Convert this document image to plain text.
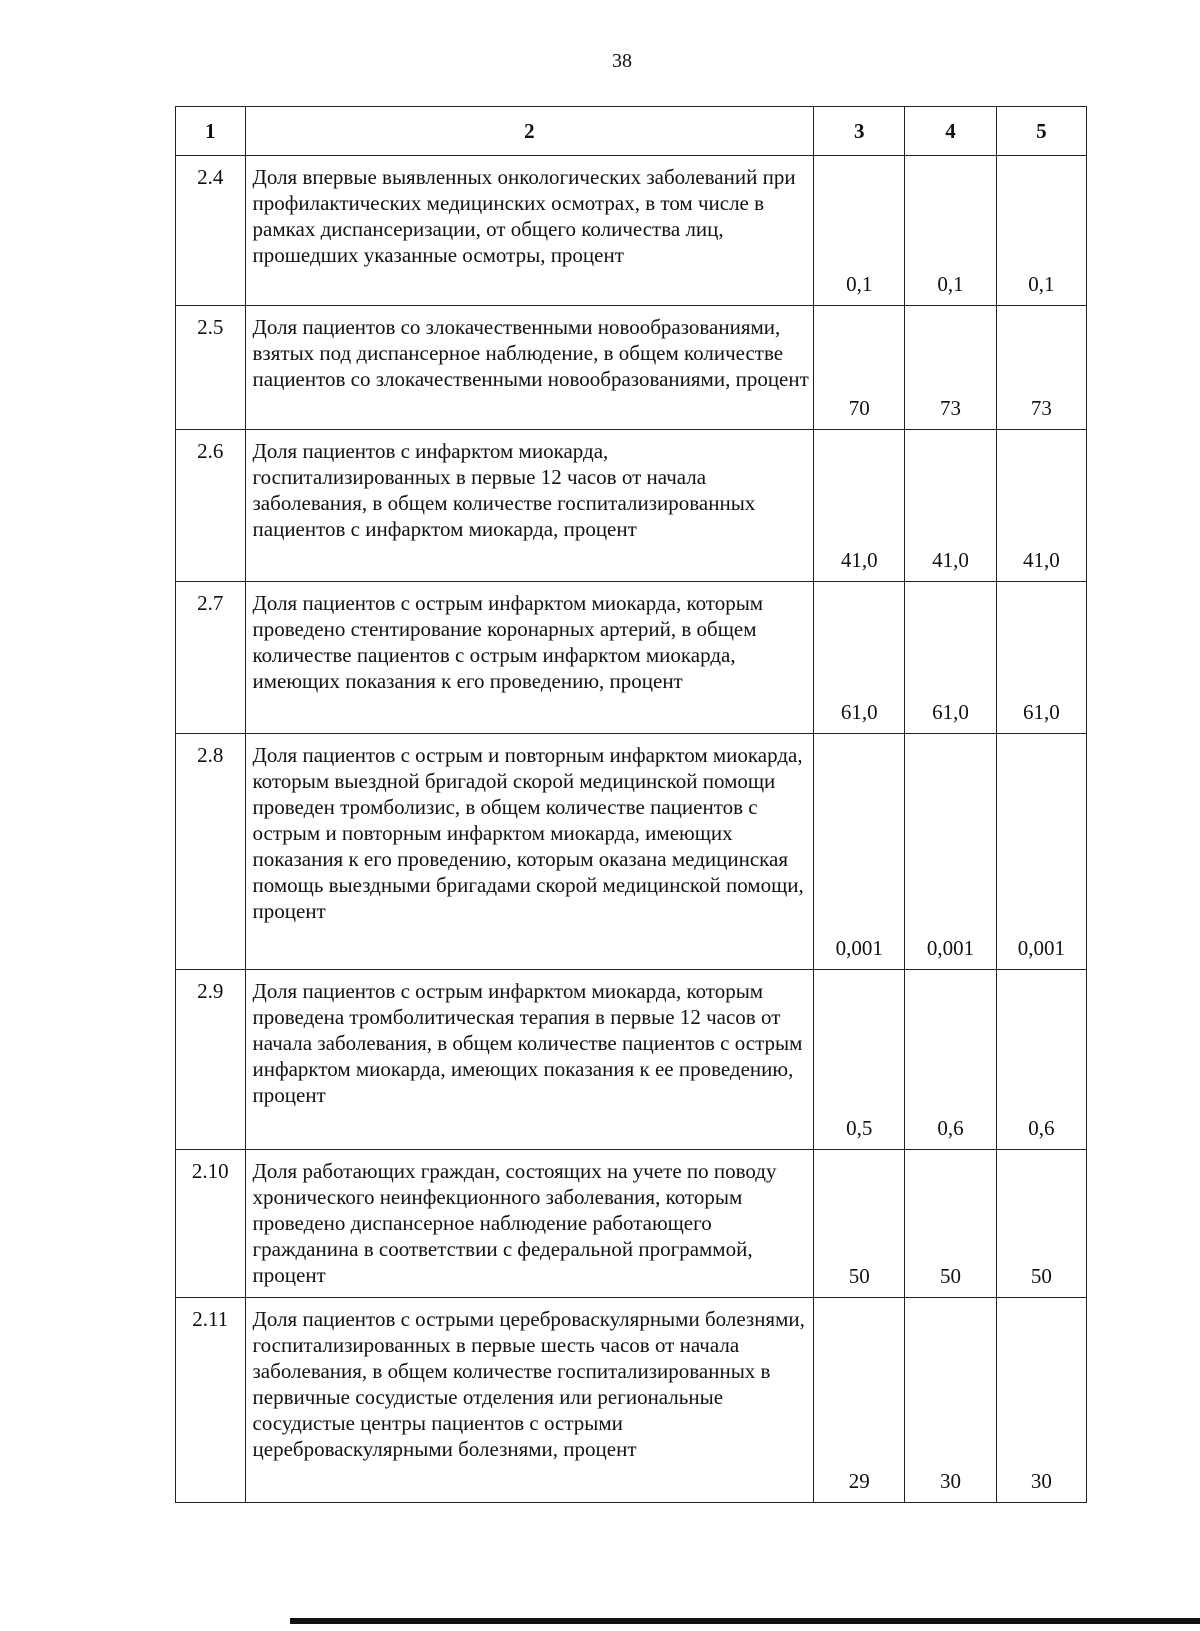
38
1	2	3	4	5
2.4	Доля впервые выявленных онкологических заболеваний при профилактических медицинских осмотрах, в том числе в рамках диспансеризации, от общего количества лиц, прошедших указанные осмотры, процент	0,1	0,1	0,1
2.5	Доля пациентов со злокачественными новообразованиями, взятых под диспансерное наблюдение, в общем количестве пациентов со злокачественными новообразованиями, процент	70	73	73
2.6	Доля пациентов с инфарктом миокарда, госпитализированных в первые 12 часов от начала заболевания, в общем количестве госпитализированных пациентов с инфарктом миокарда, процент	41,0	41,0	41,0
2.7	Доля пациентов с острым инфарктом миокарда, которым проведено стентирование коронарных артерий, в общем количестве пациентов с острым инфарктом миокарда, имеющих показания к его проведению, процент	61,0	61,0	61,0
2.8	Доля пациентов с острым и повторным инфарктом миокарда, которым выездной бригадой скорой медицинской помощи проведен тромболизис, в общем количестве пациентов с острым и повторным инфарктом миокарда, имеющих показания к его проведению, которым оказана медицинская помощь выездными бригадами скорой медицинской помощи, процент	0,001	0,001	0,001
2.9	Доля пациентов с острым инфарктом миокарда, которым проведена тромболитическая терапия в первые 12 часов от начала заболевания, в общем количестве пациентов с острым инфарктом миокарда, имеющих показания к ее проведению, процент	0,5	0,6	0,6
2.10	Доля работающих граждан, состоящих на учете по поводу хронического неинфекционного заболевания, которым проведено диспансерное наблюдение работающего гражданина в соответствии с федеральной программой, процент	50	50	50
2.11	Доля пациентов с острыми цереброваскулярными болезнями, госпитализированных в первые шесть часов от начала заболевания, в общем количестве госпитализированных в первичные сосудистые отделения или региональные сосудистые центры пациентов с острыми цереброваскулярными болезнями, процент	29	30	30
